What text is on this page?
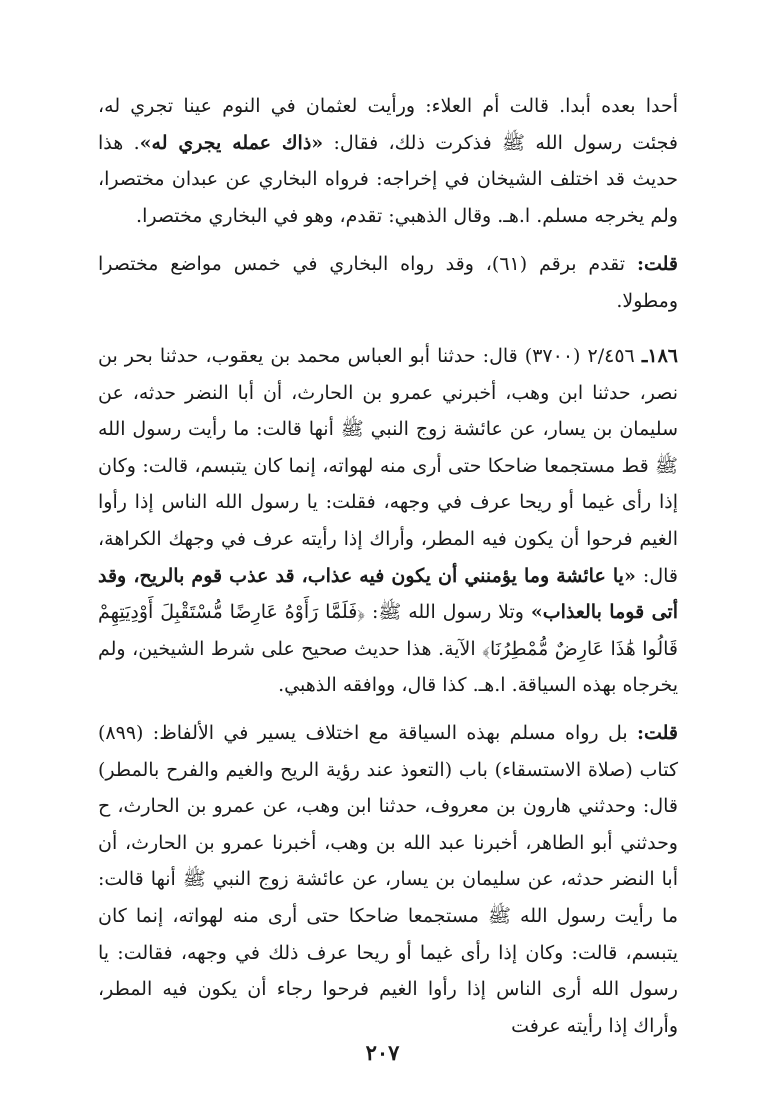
أحدا بعده أبدا. قالت أم العلاء: ورأيت لعثمان في النوم عينا تجري له، فجئت رسول الله ﷺ فذكرت ذلك، فقال: «ذاك عمله يجري له». هذا حديث قد اختلف الشيخان في إخراجه: فرواه البخاري عن عبدان مختصرا، ولم يخرجه مسلم. ا.هـ. وقال الذهبي: تقدم، وهو في البخاري مختصرا.

قلت: تقدم برقم (٦١)، وقد رواه البخاري في خمس مواضع مختصرا ومطولا.

١٨٦ـ ٢/٤٥٦ (٣٧٠٠) قال: حدثنا أبو العباس محمد بن يعقوب، حدثنا بحر بن نصر، حدثنا ابن وهب، أخبرني عمرو بن الحارث، أن أبا النضر حدثه، عن سليمان بن يسار، عن عائشة زوج النبي ﷺ أنها قالت: ما رأيت رسول الله ﷺ قط مستجمعا ضاحكا حتى أرى منه لهواته، إنما كان يتبسم، قالت: وكان إذا رأى غيما أو ريحا عرف في وجهه، فقلت: يا رسول الله الناس إذا رأوا الغيم فرحوا أن يكون فيه المطر، وأراك إذا رأيته عرف في وجهك الكراهة، قال: «يا عائشة وما يؤمنني أن يكون فيه عذاب، قد عذب قوم بالريح، وقد أتى قوما بالعذاب» وتلا رسول الله ﷺ: ﴿فَلَمَّا رَأَوْهُ عَارِضًا مُّسْتَقْبِلَ أَوْدِيَتِهِمْ قَالُوا هَٰذَا عَارِضٌ مُّمْطِرُنَا﴾ الآية. هذا حديث صحيح على شرط الشيخين، ولم يخرجاه بهذه السياقة. ا.هـ. كذا قال، ووافقه الذهبي.

قلت: بل رواه مسلم بهذه السياقة مع اختلاف يسير في الألفاظ: (٨٩٩) كتاب (صلاة الاستسقاء) باب (التعوذ عند رؤية الريح والغيم والفرح بالمطر) قال: وحدثني هارون بن معروف، حدثنا ابن وهب، عن عمرو بن الحارث، ح وحدثني أبو الطاهر، أخبرنا عبد الله بن وهب، أخبرنا عمرو بن الحارث، أن أبا النضر حدثه، عن سليمان بن يسار، عن عائشة زوج النبي ﷺ أنها قالت: ما رأيت رسول الله ﷺ مستجمعا ضاحكا حتى أرى منه لهواته، إنما كان يتبسم، قالت: وكان إذا رأى غيما أو ريحا عرف ذلك في وجهه، فقالت: يا رسول الله أرى الناس إذا رأوا الغيم فرحوا رجاء أن يكون فيه المطر، وأراك إذا رأيته عرفت

٢٠٧
